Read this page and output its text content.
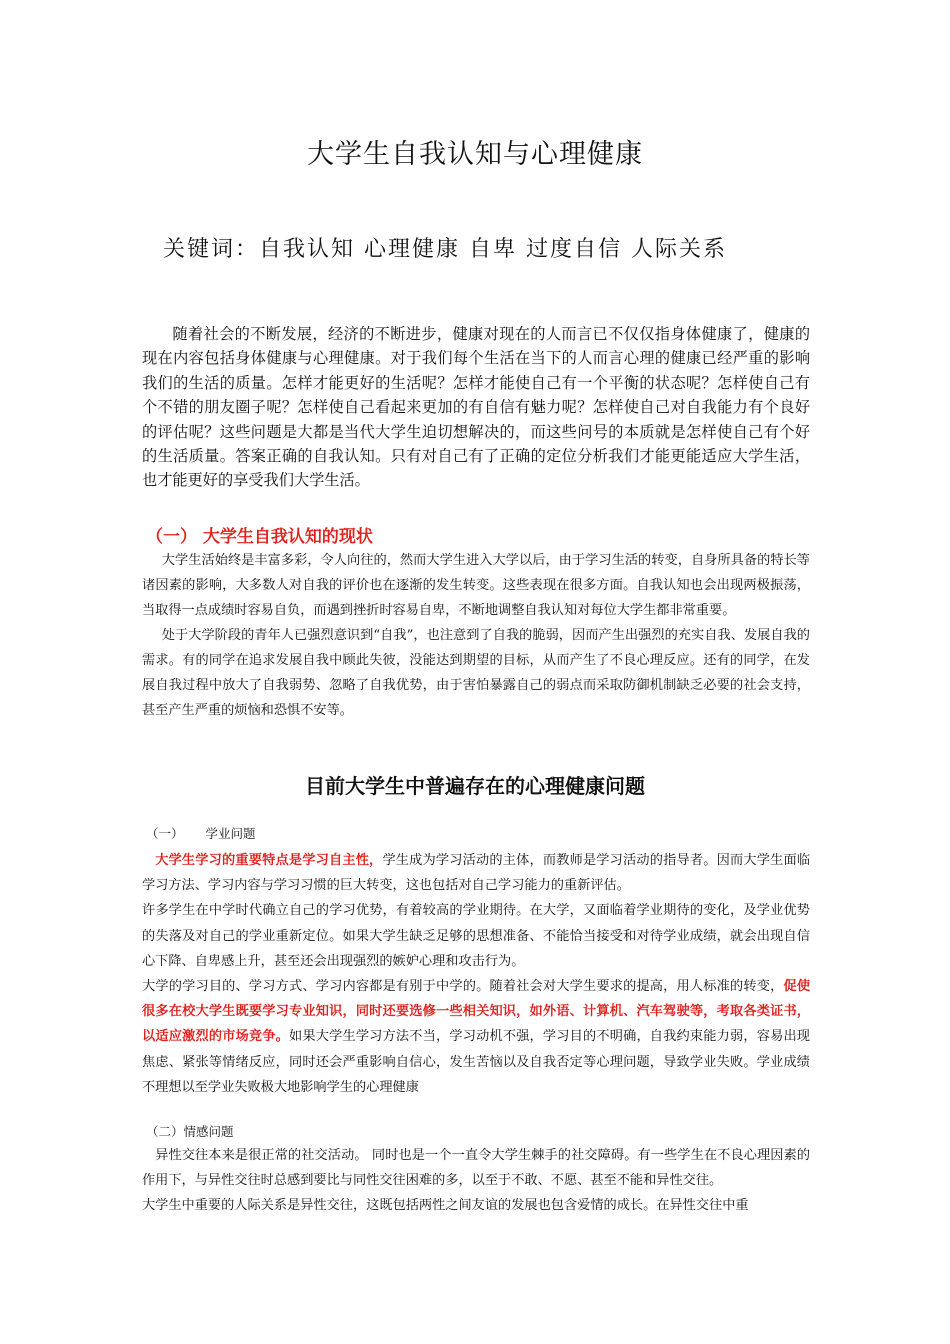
大学生自我认知与心理健康
关键词：自我认知 心理健康 自卑 过度自信 人际关系

随着社会的不断发展，经济的不断进步，健康对现在的人而言已不仅仅指身体健康了，健康的现在内容包括身体健康与心理健康。对于我们每个生活在当下的人而言心理的健康已经严重的影响我们的生活的质量。怎样才能更好的生活呢？怎样才能使自己有一个平衡的状态呢？怎样使自己有个不错的朋友圈子呢？怎样使自己看起来更加的有自信有魅力呢？怎样使自己对自我能力有个良好的评估呢？这些问题是大都是当代大学生迫切想解决的，而这些问号的本质就是怎样使自己有个好的生活质量。答案正确的自我认知。只有对自己有了正确的定位分析我们才能更能适应大学生活，也才能更好的享受我们大学生活。

（一） 大学生自我认知的现状

大学生活始终是丰富多彩，令人向往的，然而大学生进入大学以后，由于学习生活的转变，自身所具备的特长等诸因素的影响，大多数人对自我的评价也在逐渐的发生转变。这些表现在很多方面。自我认知也会出现两极振荡，当取得一点成绩时容易自负，而遇到挫折时容易自卑，不断地调整自我认知对每位大学生都非常重要。

处于大学阶段的青年人已强烈意识到“自我”，也注意到了自我的脆弱，因而产生出强烈的充实自我、发展自我的需求。有的同学在追求发展自我中顾此失彼，没能达到期望的目标，从而产生了不良心理反应。还有的同学，在发展自我过程中放大了自我弱势、忽略了自我优势，由于害怕暴露自己的弱点而采取防御机制缺乏必要的社会支持，甚至产生严重的烦恼和恐惧不安等。

目前大学生中普遍存在的心理健康问题
（一） 学业问题

大学生学习的重要特点是学习自主性，学生成为学习活动的主体，而教师是学习活动的指导者。因而大学生面临学习方法、学习内容与学习习惯的巨大转变，这也包括对自己学习能力的重新评估。

许多学生在中学时代确立自己的学习优势，有着较高的学业期待。在大学，又面临着学业期待的变化，及学业优势的失落及对自己的学业重新定位。如果大学生缺乏足够的思想准备、不能恰当接受和对待学业成绩，就会出现自信心下降、自卑感上升，甚至还会出现强烈的嫉妒心理和攻击行为。

大学的学习目的、学习方式、学习内容都是有别于中学的。随着社会对大学生要求的提高，用人标准的转变，促使很多在校大学生既要学习专业知识，同时还要选修一些相关知识，如外语、计算机、汽车驾驶等，考取各类证书，以适应激烈的市场竞争。如果大学生学习方法不当，学习动机不强，学习目的不明确，自我约束能力弱，容易出现焦虑、紧张等情绪反应，同时还会严重影响自信心，发生苦恼以及自我否定等心理问题，导致学业失败。学业成绩不理想以至学业失败极大地影响学生的心理健康

（二）情感问题

异性交往本来是很正常的社交活动。 同时也是一个一直令大学生棘手的社交障碍。有一些学生在不良心理因素的作用下，与异性交往时总感到要比与同性交往困难的多，以至于不敢、不愿、甚至不能和异性交往。

大学生中重要的人际关系是异性交往，这既包括两性之间友谊的发展也包含爱情的成长。在异性交往中重
